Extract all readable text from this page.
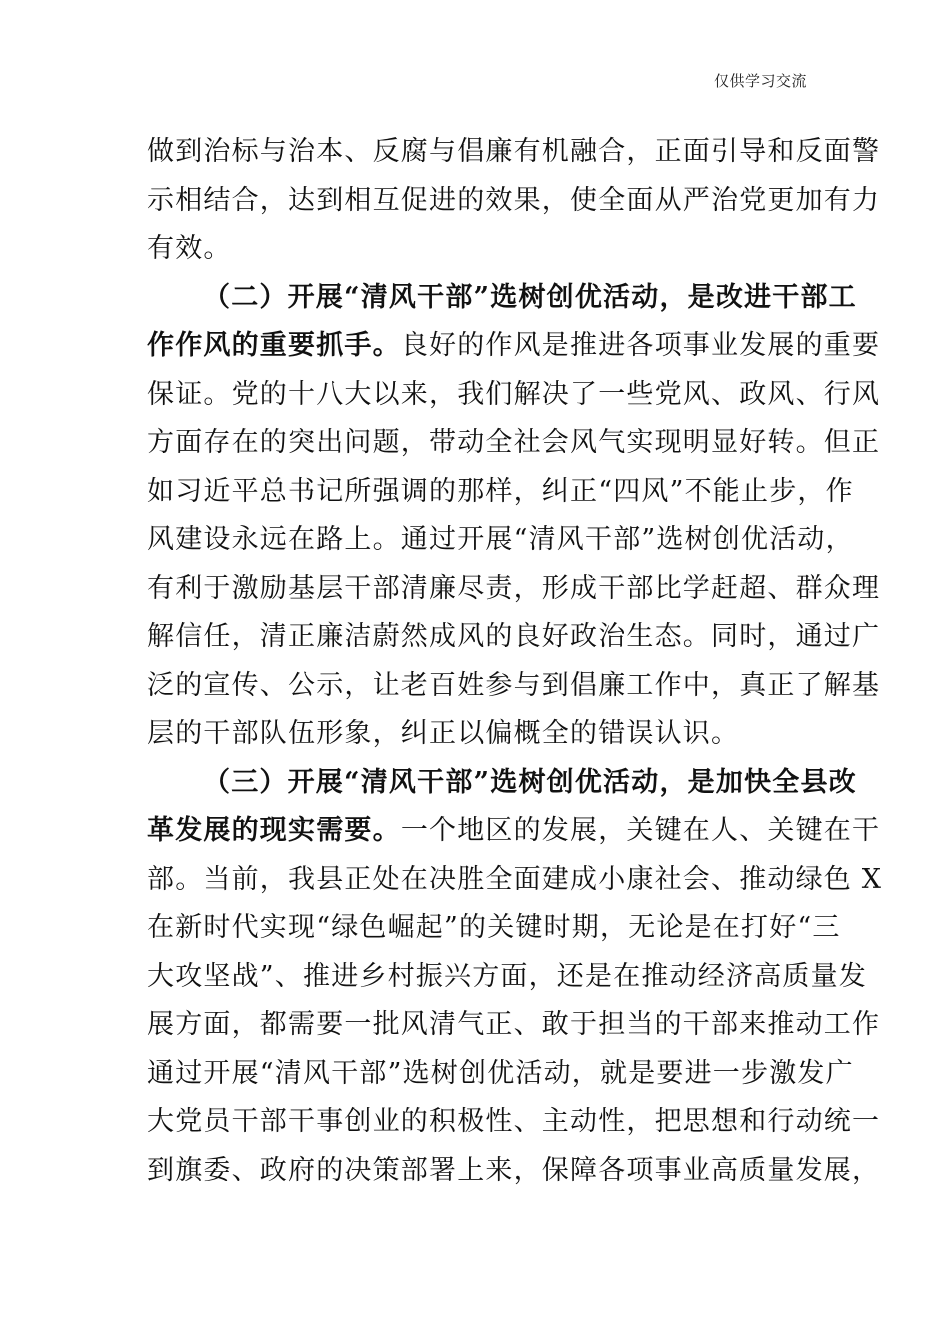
仅供学习交流
做到治标与治本、反腐与倡廉有机融合，正面引导和反面警
示相结合，达到相互促进的效果，使全面从严治党更加有力
有效。
（二）开展“清风干部”选树创优活动，是改进干部工
作作风的重要抓手。良好的作风是推进各项事业发展的重要
保证。党的十八大以来，我们解决了一些党风、政风、行风
方面存在的突出问题，带动全社会风气实现明显好转。但正
如习近平总书记所强调的那样，纠正“四风”不能止步，作
风建设永远在路上。通过开展“清风干部”选树创优活动，
有利于激励基层干部清廉尽责，形成干部比学赶超、群众理
解信任，清正廉洁蔚然成风的良好政治生态。同时，通过广
泛的宣传、公示，让老百姓参与到倡廉工作中，真正了解基
层的干部队伍形象，纠正以偏概全的错误认识。
（三）开展“清风干部”选树创优活动，是加快全县改
革发展的现实需要。一个地区的发展，关键在人、关键在干
部。当前，我县正处在决胜全面建成小康社会、推动绿色 X
在新时代实现“绿色崛起”的关键时期，无论是在打好“三
大攻坚战”、推进乡村振兴方面，还是在推动经济高质量发
展方面，都需要一批风清气正、敢于担当的干部来推动工作
通过开展“清风干部”选树创优活动，就是要进一步激发广
大党员干部干事创业的积极性、主动性，把思想和行动统一
到旗委、政府的决策部署上来，保障各项事业高质量发展，
